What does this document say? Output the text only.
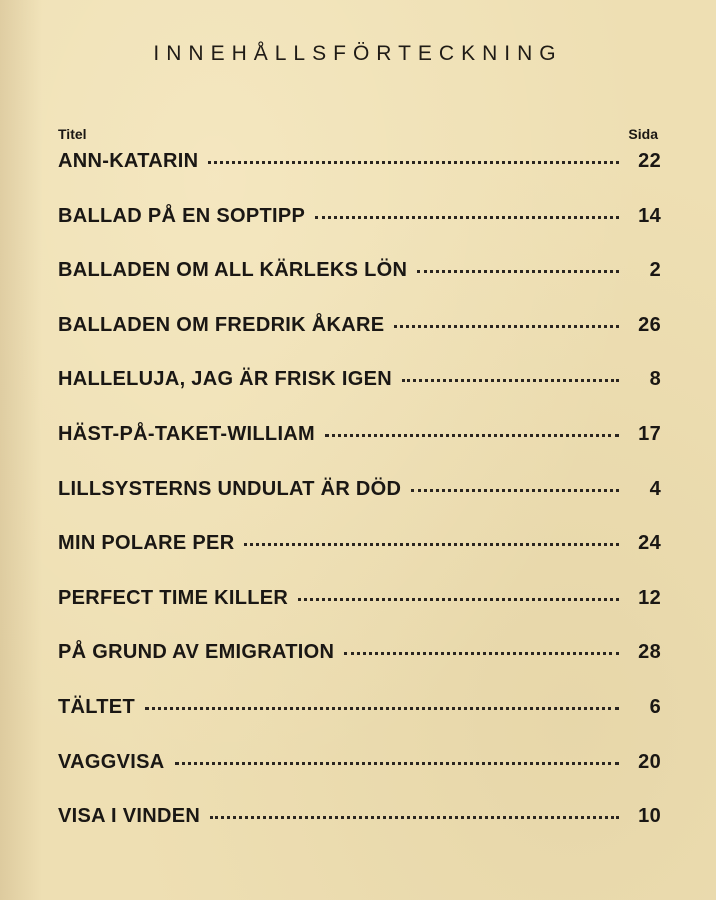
INNEHÅLLSFÖRTECKNING
Titel	Sida
ANN-KATARIN	22
BALLAD PÅ EN SOPTIPP	14
BALLADEN OM ALL KÄRLEKS LÖN	2
BALLADEN OM FREDRIK ÅKARE	26
HALLELUJA, JAG ÄR FRISK IGEN	8
HÄST-PÅ-TAKET-WILLIAM	17
LILLSYSTERNS UNDULAT ÄR DÖD	4
MIN POLARE PER	24
PERFECT TIME KILLER	12
PÅ GRUND AV EMIGRATION	28
TÄLTET	6
VAGGVISA	20
VISA I VINDEN	10
